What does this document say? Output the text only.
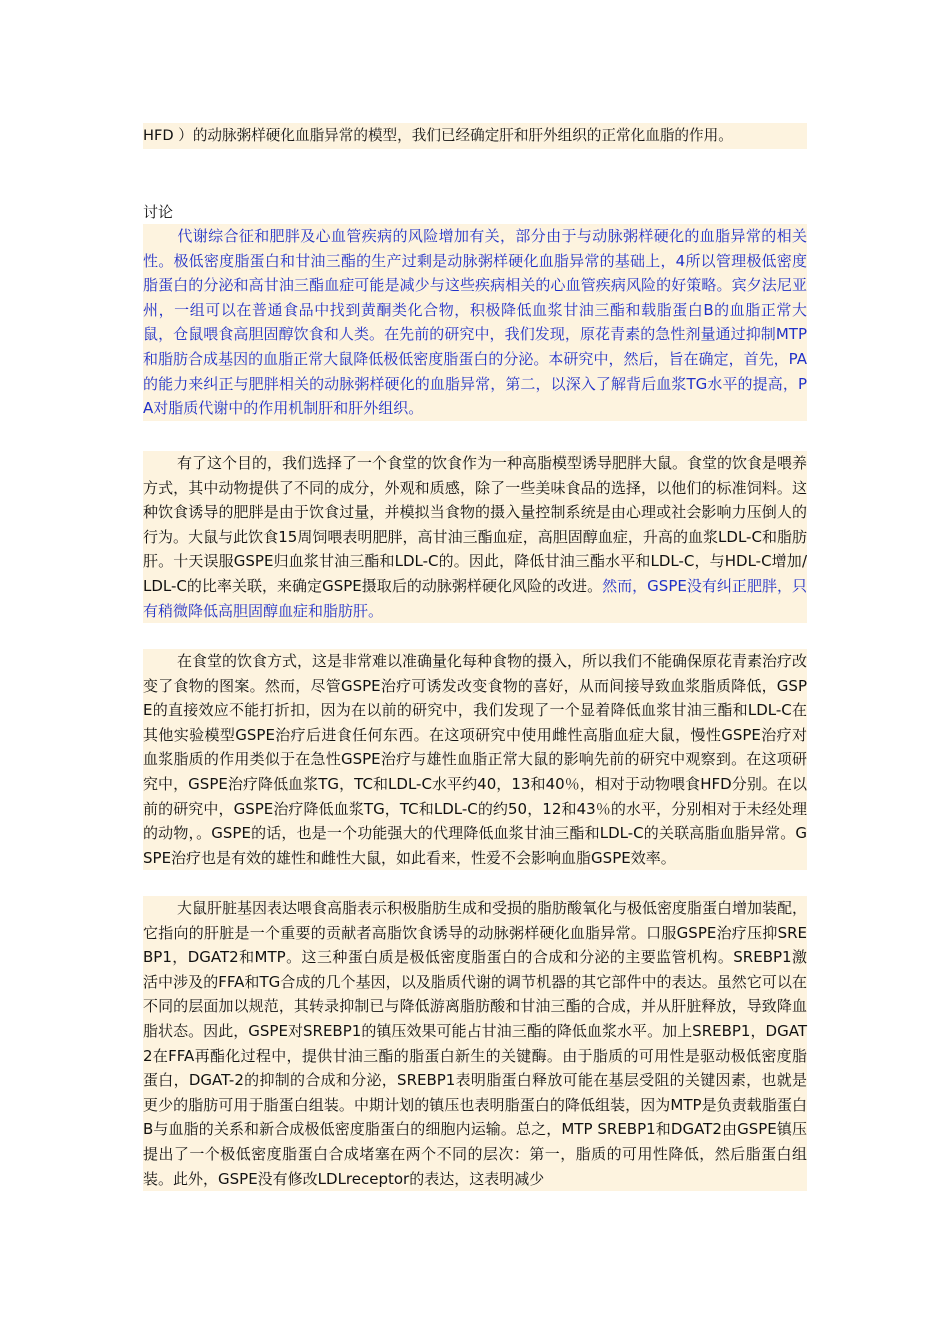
HFD ）的动脉粥样硬化血脂异常的模型，我们已经确定肝和肝外组织的正常化血脂的作用。

讨论

代谢综合征和肥胖及心血管疾病的风险增加有关，部分由于与动脉粥样硬化的血脂异常的相关性。极低密度脂蛋白和甘油三酯的生产过剩是动脉粥样硬化血脂异常的基础上，4所以管理极低密度脂蛋白的分泌和高甘油三酯血症可能是减少与这些疾病相关的心血管疾病风险的好策略。宾夕法尼亚州，一组可以在普通食品中找到黄酮类化合物，积极降低血浆甘油三酯和载脂蛋白B的血脂正常大鼠，仓鼠喂食高胆固醇饮食和人类。在先前的研究中，我们发现，原花青素的急性剂量通过抑制MTP和脂肪合成基因的血脂正常大鼠降低极低密度脂蛋白的分泌。本研究中，然后，旨在确定，首先，PA的能力来纠正与肥胖相关的动脉粥样硬化的血脂异常，第二，以深入了解背后血浆TG水平的提高，PA对脂质代谢中的作用机制肝和肝外组织。

有了这个目的，我们选择了一个食堂的饮食作为一种高脂模型诱导肥胖大鼠。食堂的饮食是喂养方式，其中动物提供了不同的成分，外观和质感，除了一些美味食品的选择，以他们的标准饲料。这种饮食诱导的肥胖是由于饮食过量，并模拟当食物的摄入量控制系统是由心理或社会影响力压倒人的行为。大鼠与此饮食15周饲喂表明肥胖，高甘油三酯血症，高胆固醇血症，升高的血浆LDL-C和脂肪肝。十天误服GSPE归血浆甘油三酯和LDL-C的。因此，降低甘油三酯水平和LDL-C，与HDL-C增加/ LDL-C的比率关联，来确定GSPE摄取后的动脉粥样硬化风险的改进。然而，GSPE没有纠正肥胖，只有稍微降低高胆固醇血症和脂肪肝。

在食堂的饮食方式，这是非常难以准确量化每种食物的摄入，所以我们不能确保原花青素治疗改变了食物的图案。然而，尽管GSPE治疗可诱发改变食物的喜好，从而间接导致血浆脂质降低，GSPE的直接效应不能打折扣，因为在以前的研究中，我们发现了一个显着降低血浆甘油三酯和LDL-C在其他实验模型GSPE治疗后进食任何东西。在这项研究中使用雌性高脂血症大鼠，慢性GSPE治疗对血浆脂质的作用类似于在急性GSPE治疗与雄性血脂正常大鼠的影响先前的研究中观察到。在这项研究中，GSPE治疗降低血浆TG，TC和LDL-C水平约40，13和40％，相对于动物喂食HFD分别。在以前的研究中，GSPE治疗降低血浆TG，TC和LDL-C的约50，12和43％的水平，分别相对于未经处理的动物，。GSPE的话，也是一个功能强大的代理降低血浆甘油三酯和LDL-C的关联高脂血脂异常。GSPE治疗也是有效的雄性和雌性大鼠，如此看来，性爱不会影响血脂GSPE效率。

大鼠肝脏基因表达喂食高脂表示积极脂肪生成和受损的脂肪酸氧化与极低密度脂蛋白增加装配，它指向的肝脏是一个重要的贡献者高脂饮食诱导的动脉粥样硬化血脂异常。口服GSPE治疗压抑SREBP1，DGAT2和MTP。这三种蛋白质是极低密度脂蛋白的合成和分泌的主要监管机构。SREBP1激活中涉及的FFA和TG合成的几个基因，以及脂质代谢的调节机器的其它部件中的表达。虽然它可以在不同的层面加以规范，其转录抑制已与降低游离脂肪酸和甘油三酯的合成，并从肝脏释放，导致降血脂状态。因此，GSPE对SREBP1的镇压效果可能占甘油三酯的降低血浆水平。加上SREBP1，DGAT2在FFA再酯化过程中，提供甘油三酯的脂蛋白新生的关键酶。由于脂质的可用性是驱动极低密度脂蛋白，DGAT-2的抑制的合成和分泌，SREBP1表明脂蛋白释放可能在基层受阻的关键因素，也就是更少的脂肪可用于脂蛋白组装。中期计划的镇压也表明脂蛋白的降低组装，因为MTP是负责载脂蛋白B与血脂的关系和新合成极低密度脂蛋白的细胞内运输。总之，MTP SREBP1和DGAT2由GSPE镇压提出了一个极低密度脂蛋白合成堵塞在两个不同的层次：第一，脂质的可用性降低，然后脂蛋白组装。此外，GSPE没有修改LDLreceptor的表达，这表明减少
